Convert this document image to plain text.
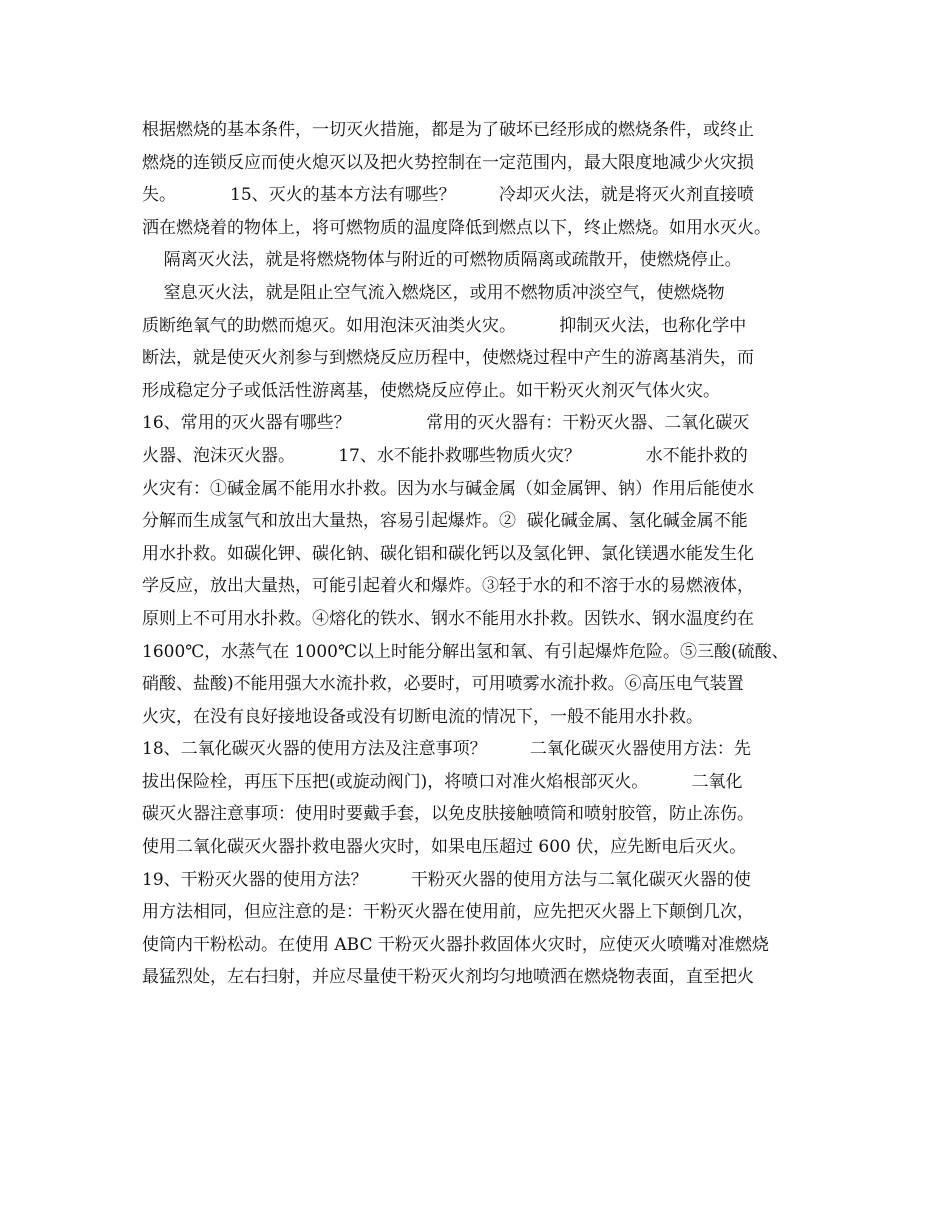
根据燃烧的基本条件，一切灭火措施，都是为了破坏已经形成的燃烧条件，或终止
燃烧的连锁反应而使火熄灭以及把火势控制在一定范围内，最大限度地减少火灾损
失。          15、灭火的基本方法有哪些？        冷却灭火法，就是将灭火剂直接喷
洒在燃烧着的物体上，将可燃物质的温度降低到燃点以下，终止燃烧。如用水灭火。
隔离灭火法，就是将燃烧物体与附近的可燃物质隔离或疏散开，使燃烧停止。
窒息灭火法，就是阻止空气流入燃烧区，或用不燃物质冲淡空气，使燃烧物
质断绝氧气的助燃而熄灭。如用泡沫灭油类火灾。        抑制灭火法，也称化学中
断法，就是使灭火剂参与到燃烧反应历程中，使燃烧过程中产生的游离基消失，而
形成稳定分子或低活性游离基，使燃烧反应停止。如干粉灭火剂灭气体火灾。
16、常用的灭火器有哪些？              常用的灭火器有：干粉灭火器、二氧化碳灭
火器、泡沫灭火器。        17、水不能扑救哪些物质火灾？            水不能扑救的
火灾有：①碱金属不能用水扑救。因为水与碱金属（如金属钾、钠）作用后能使水
分解而生成氢气和放出大量热，容易引起爆炸。②  碳化碱金属、氢化碱金属不能
用水扑救。如碳化钾、碳化钠、碳化铝和碳化钙以及氢化钾、氯化镁遇水能发生化
学反应，放出大量热，可能引起着火和爆炸。③轻于水的和不溶于水的易燃液体，
原则上不可用水扑救。④熔化的铁水、钢水不能用水扑救。因铁水、钢水温度约在
1600℃，水蒸气在 1000℃以上时能分解出氢和氧、有引起爆炸危险。⑤三酸(硫酸、
硝酸、盐酸)不能用强大水流扑救，必要时，可用喷雾水流扑救。⑥高压电气装置
火灾，在没有良好接地设备或没有切断电流的情况下，一般不能用水扑救。
18、二氧化碳灭火器的使用方法及注意事项？        二氧化碳灭火器使用方法：先
拔出保险栓，再压下压把(或旋动阀门)，将喷口对准火焰根部灭火。        二氧化
碳灭火器注意事项：使用时要戴手套，以免皮肤接触喷筒和喷射胶管，防止冻伤。
使用二氧化碳灭火器扑救电器火灾时，如果电压超过 600 伏，应先断电后灭火。
19、干粉灭火器的使用方法？        干粉灭火器的使用方法与二氧化碳灭火器的使
用方法相同，但应注意的是：干粉灭火器在使用前，应先把灭火器上下颠倒几次，
使筒内干粉松动。在使用 ABC 干粉灭火器扑救固体火灾时，应使灭火喷嘴对准燃烧
最猛烈处，左右扫射，并应尽量使干粉灭火剂均匀地喷洒在燃烧物表面，直至把火
